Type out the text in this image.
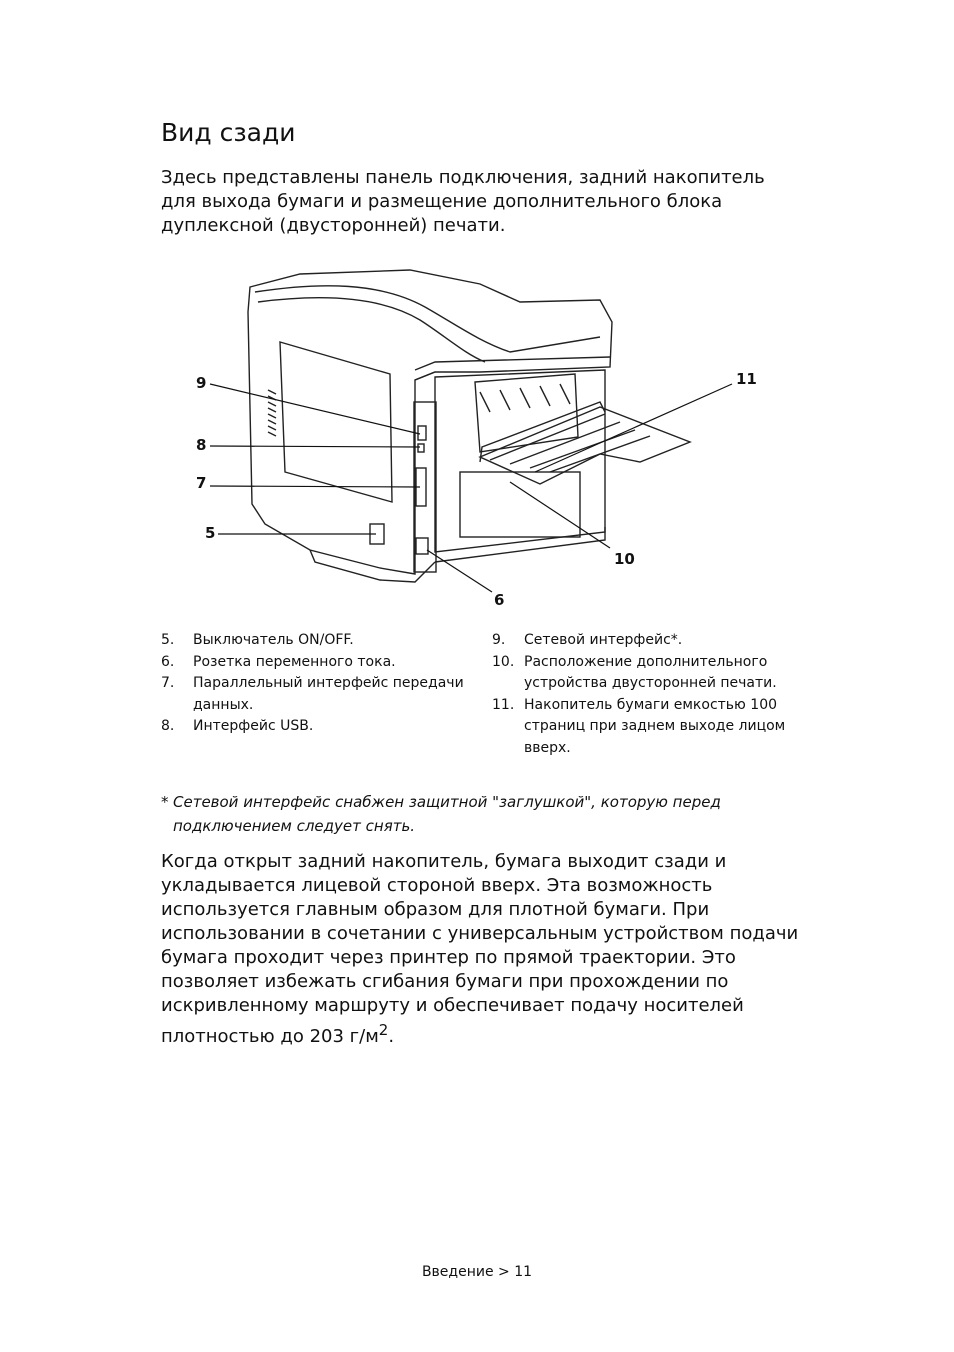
Вид сзади
Здесь представлены панель подключения, задний накопитель для выхода бумаги и размещение дополнительного блока дуплексной (двусторонней) печати.
9
8
7
5
6
10
11
5.	Выключатель ON/OFF.
6.	Розетка переменного тока.
7.	Параллельный интерфейс передачи данных.
8.	Интерфейс USB.
9.	Сетевой интерфейс*.
10. Расположение дополнительного устройства двусторонней печати.
11. Накопитель бумаги емкостью 100 страниц при заднем выходе лицом вверх.
* Сетевой интерфейс снабжен защитной "заглушкой", которую перед
подключением следует снять.
Когда открыт задний накопитель, бумага выходит сзади и укладывается лицевой стороной вверх. Эта возможность используется главным образом для плотной бумаги. При использовании в сочетании с универсальным устройством подачи бумага проходит через принтер по прямой траектории. Это позволяет избежать сгибания бумаги при прохождении по искривленному маршруту и обеспечивает подачу носителей плотностью до 203 $г/м^2$.
Введение > 11
